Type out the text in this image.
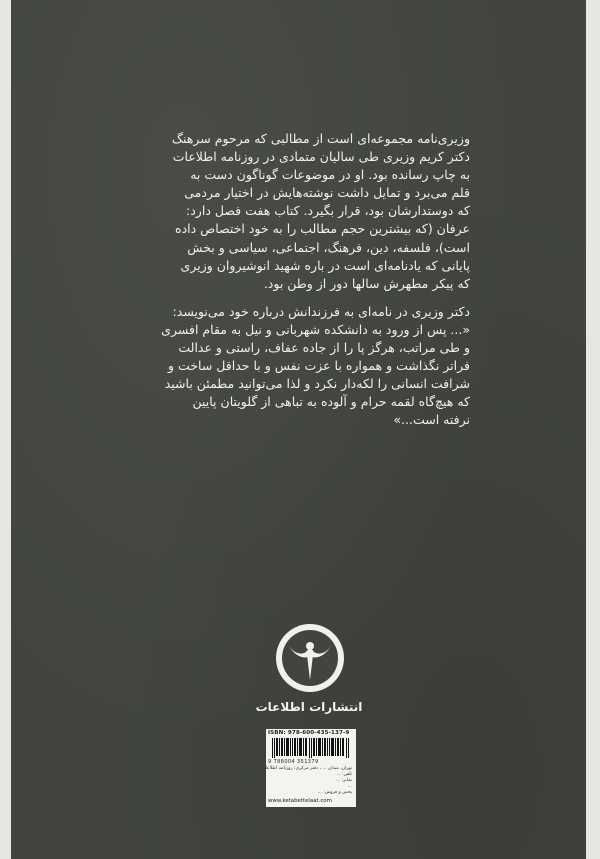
وزیری‌نامه مجموعه‌ای است از مطالبی که مرحوم سرهنگ
دکتر کریم وزیری طی سالیان متمادی در روزنامه اطلاعات
به چاپ رسانده بود. او در موضوعات گوناگون دست به
قلم می‌برد و تمایل داشت نوشته‌هایش در اختیار مردمی
که دوستدارشان بود، قرار بگیرد. کتاب هفت فصل دارد:
عرفان (که بیشترین حجم مطالب را به خود اختصاص داده
است)، فلسفه، دین، فرهنگ، اجتماعی، سیاسی و بخش
پایانی که یادنامه‌ای است در باره شهید انوشیروان وزیری
که پیکر مطهرش سالها دور از وطن بود.

دکتر وزیری در نامه‌ای به فرزندانش درباره خود می‌نویسد:
«... پس از ورود به دانشکده شهربانی و نیل به مقام افسری
و طی مراتب، هرگز پا را از جاده عفاف، راستی و عدالت
فراتر نگذاشت و همواره با عزت نفس و با حداقل ساخت و
شرافت انسانی را لکه‌دار نکرد و لذا می‌توانید مطمئن باشید
که هیچ‌گاه لقمه حرام و آلوده به تباهی از گلویتان پایین
نرفته است...»

انتشارات اطلاعات
ISBN: 978-600-435-137-9
9 786004 351379
تهران، میدان ... ، دفتر مرکزی: روزنامه اطلاعات، ...
تلفن: ...
نمابر: ...
...
پخش و فروش: ...
www.ketabettelaat.com
